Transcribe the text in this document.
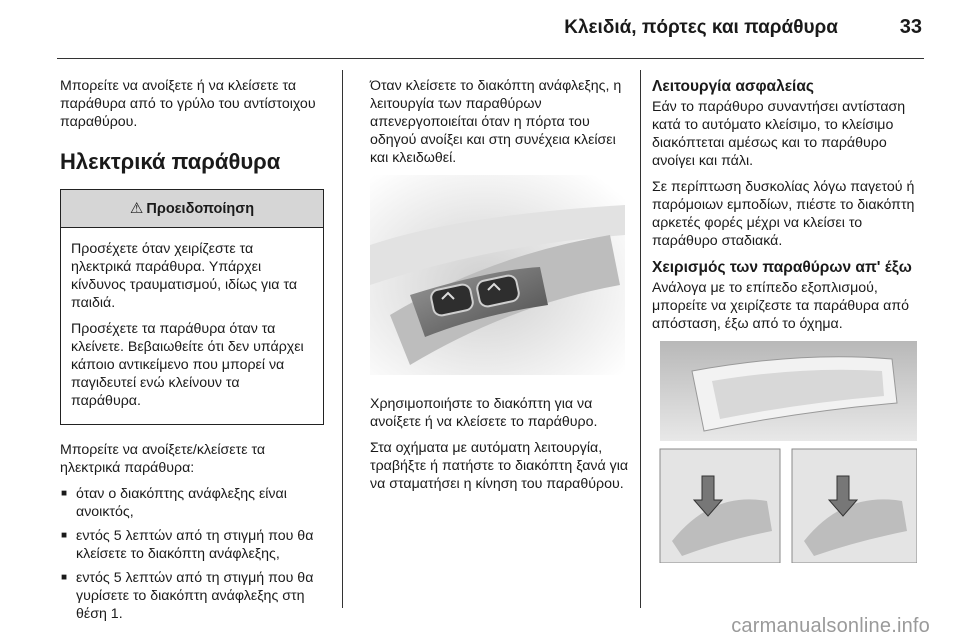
Κλειδιά, πόρτες και παράθυρα	33

Μπορείτε να ανοίξετε ή να κλείσετε τα παράθυρα από το γρύλο του αντίστοιχου παραθύρου.

Ηλεκτρικά παράθυρα
⚠ Προειδοποίηση

Προσέχετε όταν χειρίζεστε τα ηλεκτρικά παράθυρα. Υπάρχει κίνδυνος τραυματισμού, ιδίως για τα παιδιά.

Προσέχετε τα παράθυρα όταν τα κλείνετε. Βεβαιωθείτε ότι δεν υπάρχει κάποιο αντικείμενο που μπορεί να παγιδευτεί ενώ κλείνουν τα παράθυρα.

Μπορείτε να ανοίξετε/κλείσετε τα ηλεκτρικά παράθυρα:

■ όταν ο διακόπτης ανάφλεξης είναι ανοικτός,
■ εντός 5 λεπτών από τη στιγμή που θα κλείσετε το διακόπτη ανάφλεξης,
■ εντός 5 λεπτών από τη στιγμή που θα γυρίσετε το διακόπτη ανάφλεξης στη θέση 1.

Όταν κλείσετε το διακόπτη ανάφλεξης, η λειτουργία των παραθύρων απενεργοποιείται όταν η πόρτα του οδηγού ανοίξει και στη συνέχεια κλείσει και κλειδωθεί.

Χρησιμοποιήστε το διακόπτη για να ανοίξετε ή να κλείσετε το παράθυρο.

Στα οχήματα με αυτόματη λειτουργία, τραβήξτε ή πατήστε το διακόπτη ξανά για να σταματήσει η κίνηση του παραθύρου.

Λειτουργία ασφαλείας

Εάν το παράθυρο συναντήσει αντίσταση κατά το αυτόματο κλείσιμο, το κλείσιμο διακόπτεται αμέσως και το παράθυρο ανοίγει και πάλι.

Σε περίπτωση δυσκολίας λόγω παγετού ή παρόμοιων εμποδίων, πιέστε το διακόπτη αρκετές φορές μέχρι να κλείσει το παράθυρο σταδιακά.

Χειρισμός των παραθύρων απ' έξω

Ανάλογα με το επίπεδο εξοπλισμού, μπορείτε να χειρίζεστε τα παράθυρα από απόσταση, έξω από το όχημα.

carmanualsonline.info
